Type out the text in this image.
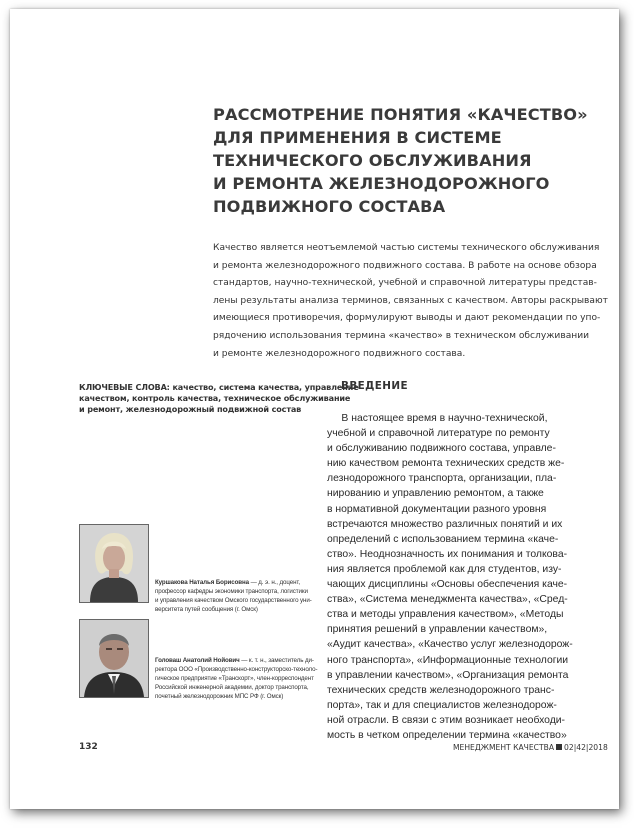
РАССМОТРЕНИЕ ПОНЯТИЯ «КАЧЕСТВО»
ДЛЯ ПРИМЕНЕНИЯ В СИСТЕМЕ
ТЕХНИЧЕСКОГО ОБСЛУЖИВАНИЯ
И РЕМОНТА ЖЕЛЕЗНОДОРОЖНОГО
ПОДВИЖНОГО СОСТАВА
Качество является неотъемлемой частью системы технического обслуживания
и ремонта железнодорожного подвижного состава. В работе на основе обзора
стандартов, научно-технической, учебной и справочной литературы представ-
лены результаты анализа терминов, связанных с качеством. Авторы раскрывают
имеющиеся противоречия, формулируют выводы и дают рекомендации по упо-
рядочению использования термина «качество» в техническом обслуживании
и ремонте железнодорожного подвижного состава.
КЛЮЧЕВЫЕ СЛОВА: качество, система качества, управление
качеством, контроль качества, техническое обслуживание
и ремонт, железнодорожный подвижной состав
ВВЕДЕНИЕ
В настоящее время в научно-технической,
учебной и справочной литературе по ремонту
и обслуживанию подвижного состава, управле-
нию качеством ремонта технических средств же-
лезнодорожного транспорта, организации, пла-
нированию и управлению ремонтом, а также
в нормативной документации разного уровня
встречаются множество различных понятий и их
определений с использованием термина «каче-
ство». Неоднозначность их понимания и толкова-
ния является проблемой как для студентов, изу-
чающих дисциплины «Основы обеспечения каче-
ства», «Система менеджмента качества», «Сред-
ства и методы управления качеством», «Методы
принятия решений в управлении качеством»,
«Аудит качества», «Качество услуг железнодорож-
ного транспорта», «Информационные технологии
в управлении качеством», «Организация ремонта
технических средств железнодорожного транс-
порта», так и для специалистов железнодорож-
ной отрасли. В связи с этим возникает необходи-
мость в четком определении термина «качество»
Куршакова Наталья Борисовна — д. э. н., доцент,
профессор кафедры экономики транспорта, логистики
и управления качеством Омского государственного уни-
верситета путей сообщения (г. Омск)
Головаш Анатолий Нойович — к. т. н., заместитель ди-
ректора ООО «Производственно-конструкторско-техноло-
гическое предприятие «Транскорт», член-корреспондент
Российской инженерной академии, доктор транспорта,
почетный железнодорожник МПС РФ (г. Омск)
132	МЕНЕДЖМЕНТ КАЧЕСТВА 02|42|2018
